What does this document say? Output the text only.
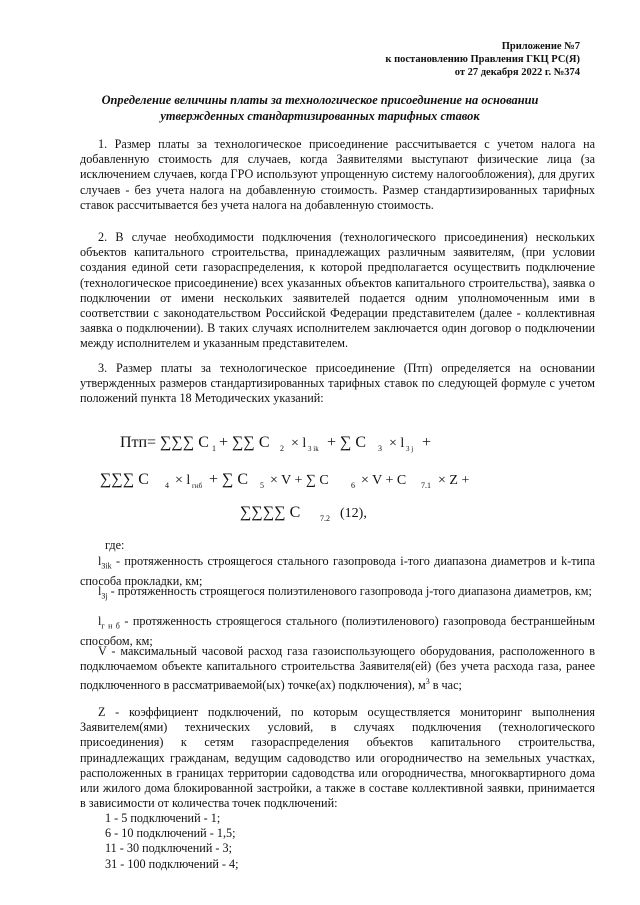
Приложение №7
к постановлению Правления ГКЦ РС(Я)
от 27 декабря 2022 г. №374
Определение величины платы за технологическое присоединение на основании
утвержденных стандартизированных тарифных ставок
1. Размер платы за технологическое присоединение рассчитывается с учетом налога на добавленную стоимость для случаев, когда Заявителями выступают физические лица (за исключением случаев, когда ГРО используют упрощенную систему налогообложения), для других случаев - без учета налога на добавленную стоимость. Размер стандартизированных тарифных ставок рассчитывается без учета налога на добавленную стоимость.
2. В случае необходимости подключения (технологического присоединения) нескольких объектов капитального строительства, принадлежащих различным заявителям, (при условии создания единой сети газораспределения, к которой предполагается осуществить подключение (технологическое присоединение) всех указанных объектов капитального строительства), заявка о подключении от имени нескольких заявителей подается одним уполномоченным ими в соответствии с законодательством Российской Федерации представителем (далее - коллективная заявка о подключении). В таких случаях исполнителем заключается один договор о подключении между исполнителем и указанным представителем.
3. Размер платы за технологическое присоединение (Птп) определяется на основании утвержденных размеров стандартизированных тарифных ставок по следующей формуле с учетом положений пункта 18 Методических указаний:
Птп = ∑∑∑ C 1 + ∑∑ C 2 × l 3 ik + ∑ C 3 × l 3 j +
∑∑∑ C 4 × l гнб + ∑ C 5 × V + ∑ C	6 × V + C 7.1 × Z +
∑∑∑∑ C 7.2 (12),
где:
$l_{3ik}$ - протяженность строящегося стального газопровода i-того диапазона диаметров и k-типа способа прокладки, км;
$l_{3j}$ - протяженность строящегося полиэтиленового газопровода j-того диапазона диаметров, км;
$l_{г н б}$ - протяженность строящегося стального (полиэтиленового) газопровода бестраншейным способом, км;
V - максимальный часовой расход газа газоиспользующего оборудования, расположенного в подключаемом объекте капитального строительства Заявителя(ей) (без учета расхода газа, ранее подключенного в рассматриваемой(ых) точке(ах) подключения), $м^3$ в час;
Z - коэффициент подключений, по которым осуществляется мониторинг выполнения Заявителем(ями) технических условий, в случаях подключения (технологического присоединения) к сетям газораспределения объектов капитального строительства, принадлежащих гражданам, ведущим садоводство или огородничество на земельных участках, расположенных в границах территории садоводства или огородничества, многоквартирного дома или жилого дома блокированной застройки, а также в составе коллективной заявки, принимается в зависимости от количества точек подключений:
1 - 5 подключений - 1;
6 - 10 подключений - 1,5;
11 - 30 подключений - 3;
31 - 100 подключений - 4;
